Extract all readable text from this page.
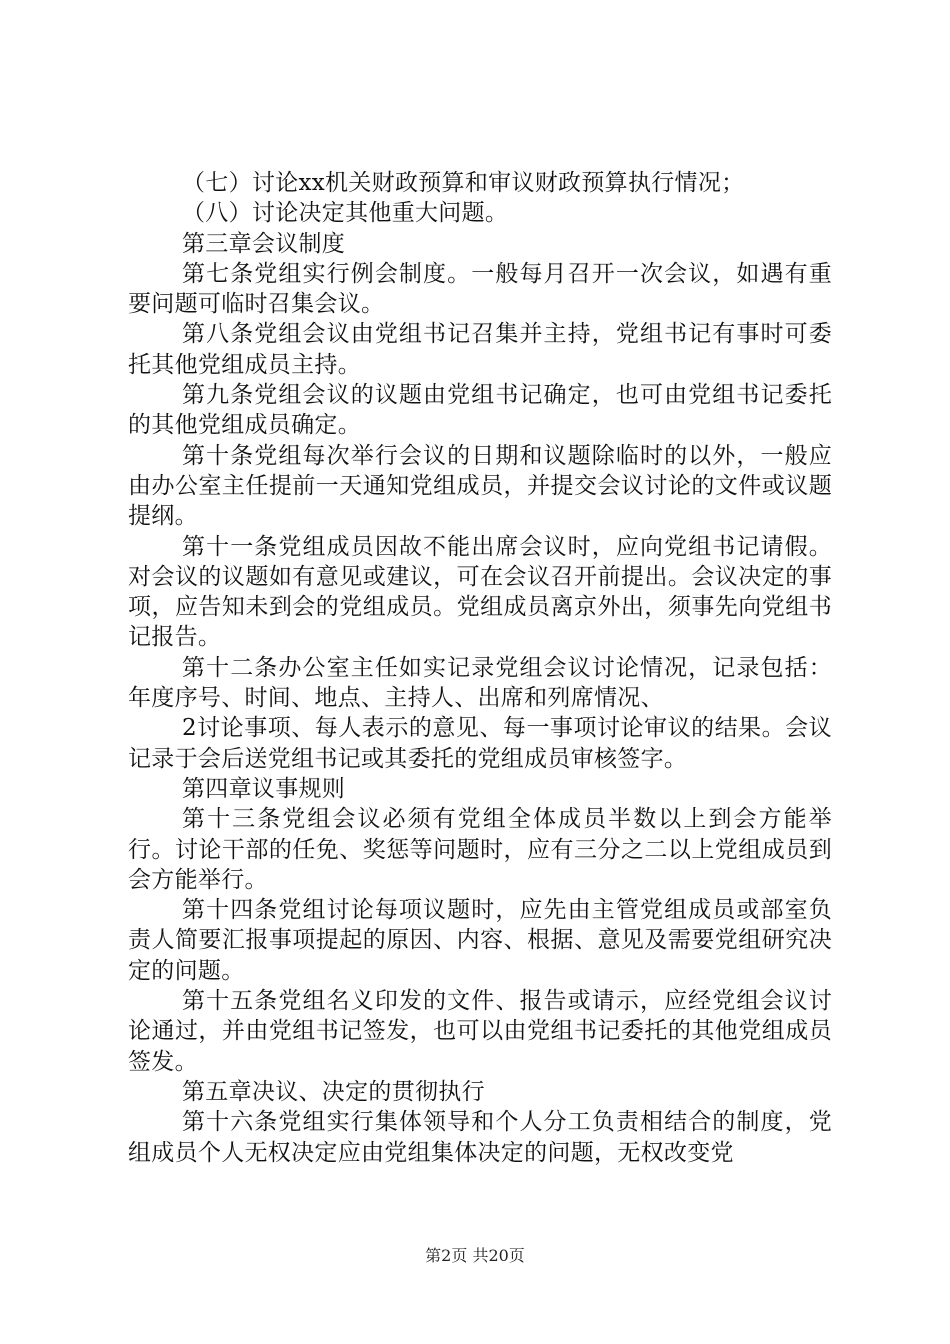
（七）讨论xx机关财政预算和审议财政预算执行情况；

（八）讨论决定其他重大问题。

第三章会议制度

第七条党组实行例会制度。一般每月召开一次会议，如遇有重要问题可临时召集会议。

第八条党组会议由党组书记召集并主持，党组书记有事时可委托其他党组成员主持。

第九条党组会议的议题由党组书记确定，也可由党组书记委托的其他党组成员确定。

第十条党组每次举行会议的日期和议题除临时的以外，一般应由办公室主任提前一天通知党组成员，并提交会议讨论的文件或议题提纲。

第十一条党组成员因故不能出席会议时，应向党组书记请假。对会议的议题如有意见或建议，可在会议召开前提出。会议决定的事项，应告知未到会的党组成员。党组成员离京外出，须事先向党组书记报告。

第十二条办公室主任如实记录党组会议讨论情况，记录包括：年度序号、时间、地点、主持人、出席和列席情况、

2讨论事项、每人表示的意见、每一事项讨论审议的结果。会议记录于会后送党组书记或其委托的党组成员审核签字。

第四章议事规则

第十三条党组会议必须有党组全体成员半数以上到会方能举行。讨论干部的任免、奖惩等问题时，应有三分之二以上党组成员到会方能举行。

第十四条党组讨论每项议题时，应先由主管党组成员或部室负责人简要汇报事项提起的原因、内容、根据、意见及需要党组研究决定的问题。

第十五条党组名义印发的文件、报告或请示，应经党组会议讨论通过，并由党组书记签发，也可以由党组书记委托的其他党组成员签发。

第五章决议、决定的贯彻执行

第十六条党组实行集体领导和个人分工负责相结合的制度，党组成员个人无权决定应由党组集体决定的问题，无权改变党

第2页 共20页
